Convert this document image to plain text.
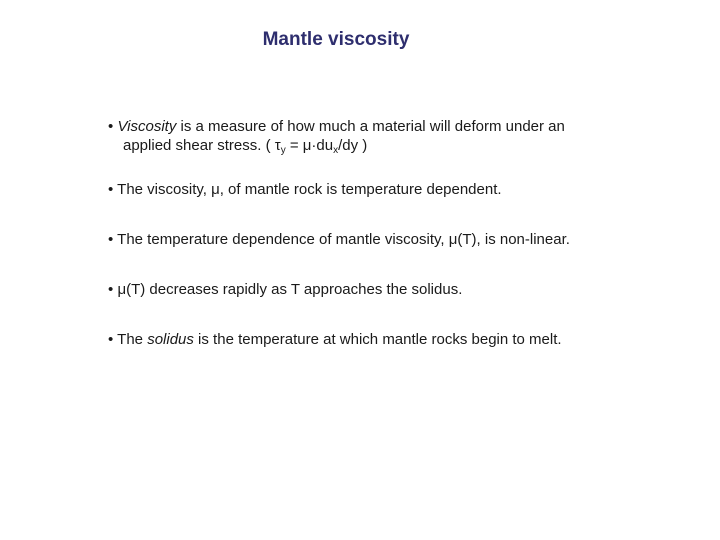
Mantle viscosity
• Viscosity is a measure of how much a material will deform under an
applied shear stress. ( $\tau_y = \mu\cdot du_x/dy$ )
• The viscosity, μ, of mantle rock is temperature dependent.
• The temperature dependence of mantle viscosity, μ(T), is non-linear.
• μ(T) decreases rapidly as T approaches the solidus.
• The solidus is the temperature at which mantle rocks begin to melt.
